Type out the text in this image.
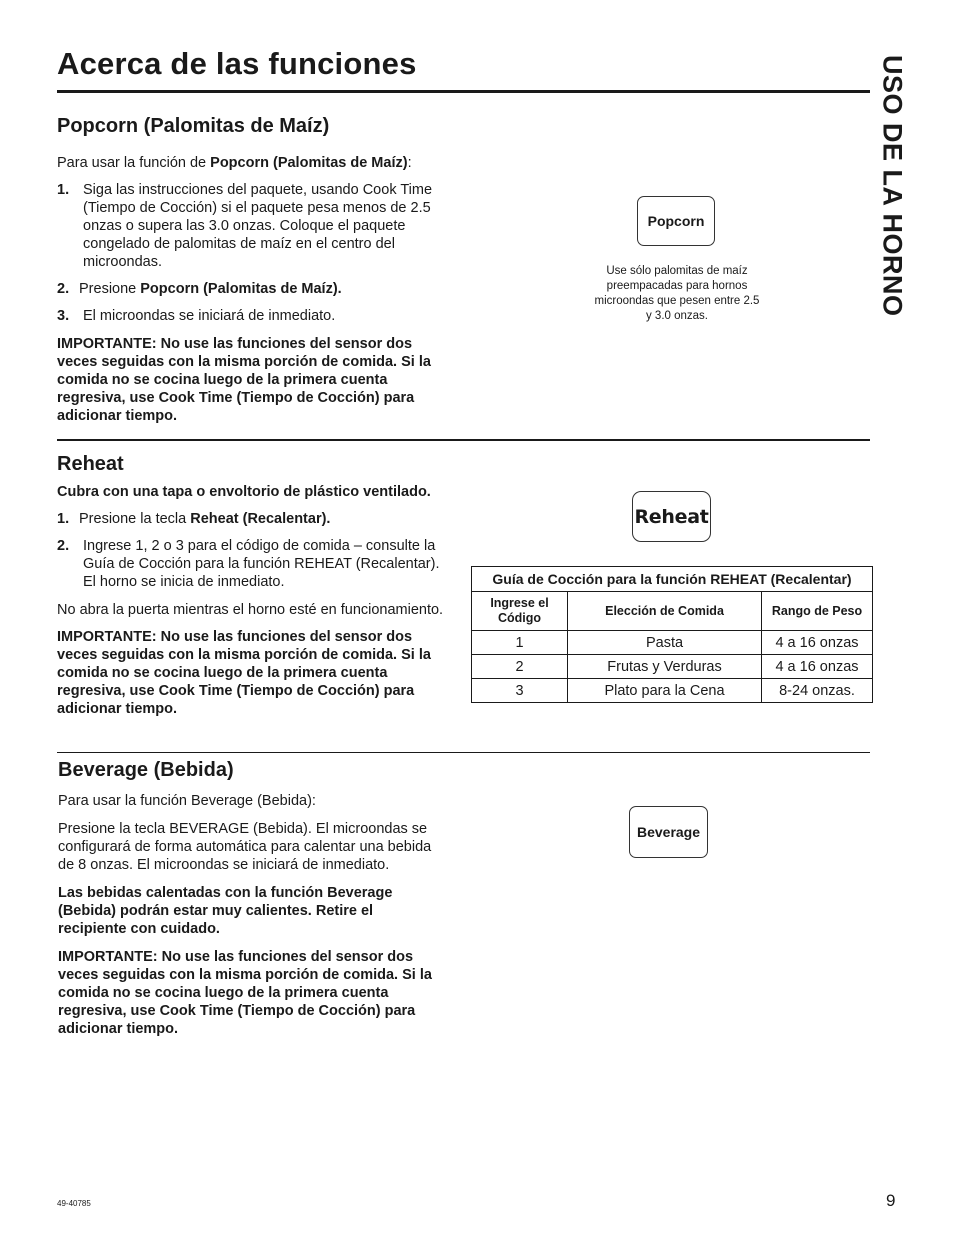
Acerca de las funciones	USO DE LA HORNO
Popcorn (Palomitas de Maíz)
Para usar la función de Popcorn (Palomitas de Maíz):
1. Siga las instrucciones del paquete, usando Cook Time (Tiempo de Cocción) si el paquete pesa menos de 2.5 onzas o supera las 3.0 onzas. Coloque el paquete congelado de palomitas de maíz en el centro del microondas.
2. Presione Popcorn (Palomitas de Maíz).
3. El microondas se iniciará de inmediato.
IMPORTANTE: No use las funciones del sensor dos veces seguidas con la misma porción de comida. Si la comida no se cocina luego de la primera cuenta regresiva, use Cook Time (Tiempo de Cocción) para adicionar tiempo.
Popcorn
Use sólo palomitas de maíz preempacadas para hornos microondas que pesen entre 2.5 y 3.0 onzas.
Reheat
Cubra con una tapa o envoltorio de plástico ventilado.
1. Presione la tecla Reheat (Recalentar).
2. Ingrese 1, 2 o 3 para el código de comida – consulte la Guía de Cocción para la función REHEAT (Recalentar). El horno se inicia de inmediato.
No abra la puerta mientras el horno esté en funcionamiento.
IMPORTANTE: No use las funciones del sensor dos veces seguidas con la misma porción de comida. Si la comida no se cocina luego de la primera cuenta regresiva, use Cook Time (Tiempo de Cocción) para adicionar tiempo.
Reheat
Guía de Cocción para la función REHEAT (Recalentar)		
Ingrese el Código	Elección de Comida	Rango de Peso
1	Pasta	4 a 16 onzas
2	Frutas y Verduras	4 a 16 onzas
3	Plato para la Cena	8-24 onzas.
Beverage (Bebida)
Para usar la función Beverage (Bebida):
Presione la tecla BEVERAGE (Bebida). El microondas se configurará de forma automática para calentar una bebida de 8 onzas. El microondas se iniciará de inmediato.
Las bebidas calentadas con la función Beverage (Bebida) podrán estar muy calientes. Retire el recipiente con cuidado.
IMPORTANTE: No use las funciones del sensor dos veces seguidas con la misma porción de comida. Si la comida no se cocina luego de la primera cuenta regresiva, use Cook Time (Tiempo de Cocción) para adicionar tiempo.
Beverage
49-40785	9
